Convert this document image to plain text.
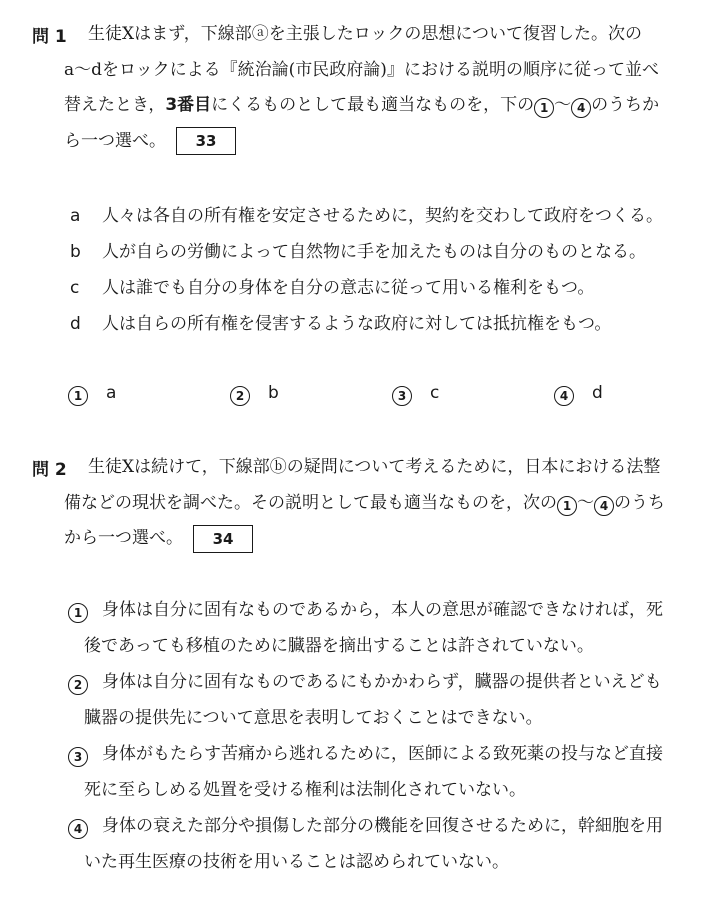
問 1 生徒Xはまず，下線部ⓐを主張したロックの思想について復習した。次の
a〜dをロックによる『統治論(市民政府論)』における説明の順序に従って並べ
替えたとき，3番目にくるものとして最も適当なものを，下の 1 〜 4 のうちか
ら一つ選べ。 33
a 人々は各自の所有権を安定させるために，契約を交わして政府をつくる。
b 人が自らの労働によって自然物に手を加えたものは自分のものとなる。
c 人は誰でも自分の身体を自分の意志に従って用いる権利をもつ。
d 人は自らの所有権を侵害するような政府に対しては抵抗権をもつ。
1 a	2 b	3 c	4 d
問 2 生徒Xは続けて，下線部ⓑの疑問について考えるために，日本における法整
備などの現状を調べた。その説明として最も適当なものを，次の 1 〜 4 のうち
から一つ選べ。 34
1 身体は自分に固有なものであるから，本人の意思が確認できなければ，死
後であっても移植のために臓器を摘出することは許されていない。
2 身体は自分に固有なものであるにもかかわらず，臓器の提供者といえども
臓器の提供先について意思を表明しておくことはできない。
3 身体がもたらす苦痛から逃れるために，医師による致死薬の投与など直接
死に至らしめる処置を受ける権利は法制化されていない。
4 身体の衰えた部分や損傷した部分の機能を回復させるために，幹細胞を用
いた再生医療の技術を用いることは認められていない。
